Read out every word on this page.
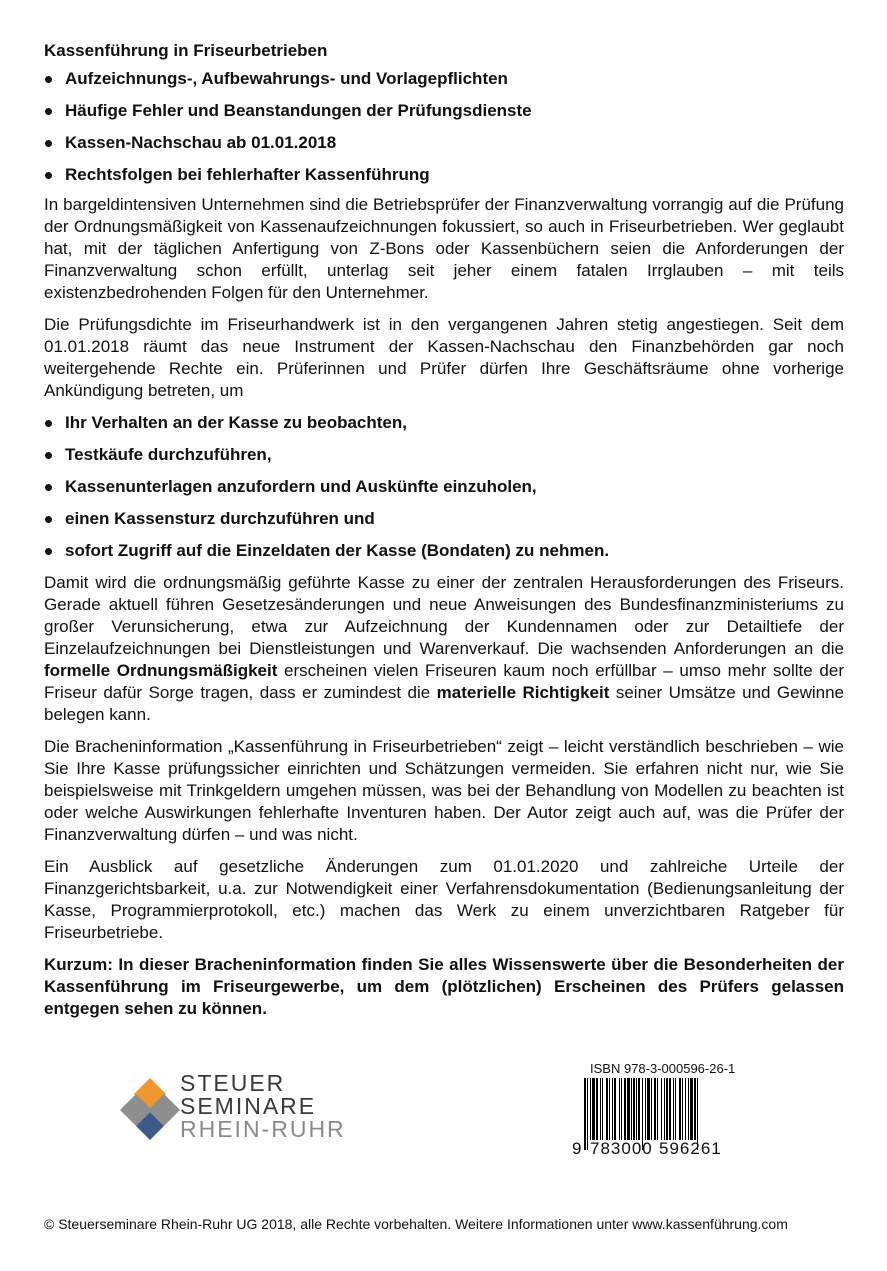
Kassenführung in Friseurbetrieben
Aufzeichnungs-, Aufbewahrungs- und Vorlagepflichten
Häufige Fehler und Beanstandungen der Prüfungsdienste
Kassen-Nachschau ab 01.01.2018
Rechtsfolgen bei fehlerhafter Kassenführung

In bargeldintensiven Unternehmen sind die Betriebsprüfer der Finanzverwaltung vorrangig auf die Prüfung der Ordnungsmäßigkeit von Kassenaufzeichnungen fokussiert, so auch in Friseurbetrieben. Wer geglaubt hat, mit der täglichen Anfertigung von Z-Bons oder Kassenbüchern seien die Anforderungen der Finanzverwaltung schon erfüllt, unterlag seit jeher einem fatalen Irrglauben – mit teils existenzbedrohenden Folgen für den Unternehmer.

Die Prüfungsdichte im Friseurhandwerk ist in den vergangenen Jahren stetig angestiegen. Seit dem 01.01.2018 räumt das neue Instrument der Kassen-Nachschau den Finanzbehörden gar noch weitergehende Rechte ein. Prüferinnen und Prüfer dürfen Ihre Geschäftsräume ohne vorherige Ankündigung betreten, um

Ihr Verhalten an der Kasse zu beobachten,
Testkäufe durchzuführen,
Kassenunterlagen anzufordern und Auskünfte einzuholen,
einen Kassensturz durchzuführen und
sofort Zugriff auf die Einzeldaten der Kasse (Bondaten) zu nehmen.

Damit wird die ordnungsmäßig geführte Kasse zu einer der zentralen Herausforderungen des Friseurs. Gerade aktuell führen Gesetzesänderungen und neue Anweisungen des Bundesfinanzministeriums zu großer Verunsicherung, etwa zur Aufzeichnung der Kundennamen oder zur Detailtiefe der Einzelaufzeichnungen bei Dienstleistungen und Warenverkauf. Die wachsenden Anforderungen an die formelle Ordnungsmäßigkeit erscheinen vielen Friseuren kaum noch erfüllbar – umso mehr sollte der Friseur dafür Sorge tragen, dass er zumindest die materielle Richtigkeit seiner Umsätze und Gewinne belegen kann.

Die Bracheninformation „Kassenführung in Friseurbetrieben“ zeigt – leicht verständlich beschrieben – wie Sie Ihre Kasse prüfungssicher einrichten und Schätzungen vermeiden. Sie erfahren nicht nur, wie Sie beispielsweise mit Trinkgeldern umgehen müssen, was bei der Behandlung von Modellen zu beachten ist oder welche Auswirkungen fehlerhafte Inventuren haben. Der Autor zeigt auch auf, was die Prüfer der Finanzverwaltung dürfen – und was nicht.

Ein Ausblick auf gesetzliche Änderungen zum 01.01.2020 und zahlreiche Urteile der Finanzgerichtsbarkeit, u.a. zur Notwendigkeit einer Verfahrensdokumentation (Bedienungsanleitung der Kasse, Programmierprotokoll, etc.) machen das Werk zu einem unverzichtbaren Ratgeber für Friseurbetriebe.

Kurzum: In dieser Bracheninformation finden Sie alles Wissenswerte über die Besonderheiten der Kassenführung im Friseurgewerbe, um dem (plötzlichen) Erscheinen des Prüfers gelassen entgegen sehen zu können.

STEUER
SEMINARE
RHEIN-RUHR
ISBN 978-3-000596-26-1
9 783000 596261
© Steuerseminare Rhein-Ruhr UG 2018, alle Rechte vorbehalten. Weitere Informationen unter www.kassenführung.com
